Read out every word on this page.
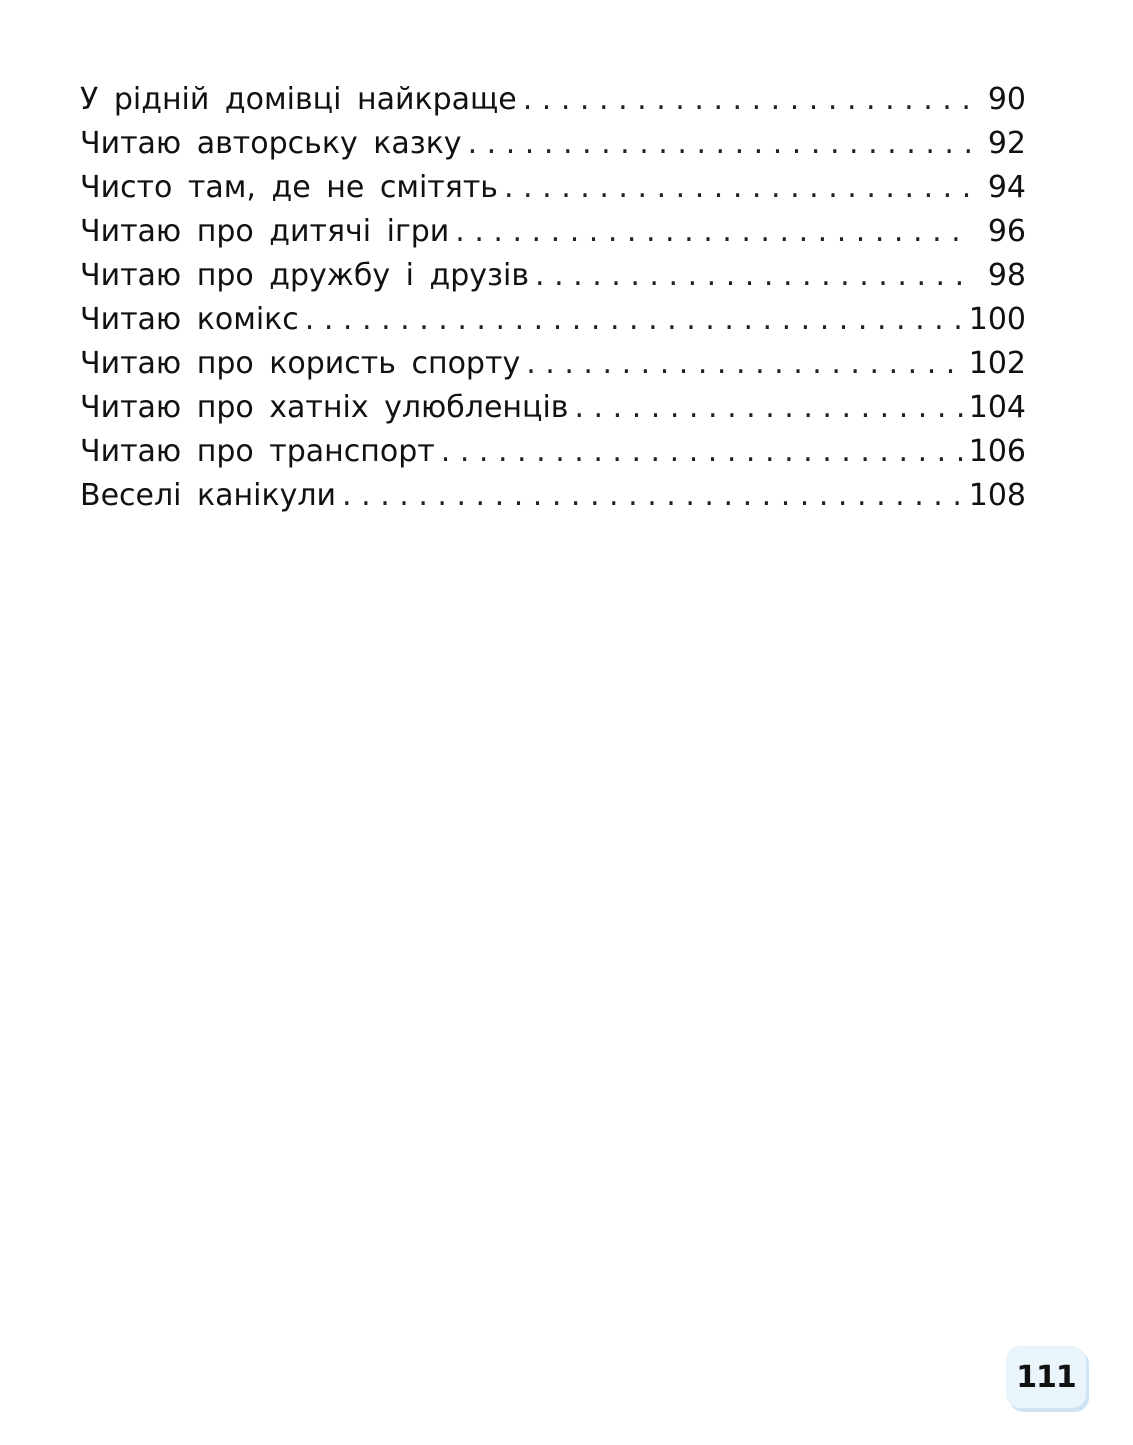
У рідній домівці найкраще . . .	90
Читаю авторську казку . . .	92
Чисто там, де не смітять . . .	94
Читаю про дитячі ігри . . .	96
Читаю про дружбу і друзів . . .	98
Читаю комікс . . .	100
Читаю про користь спорту . . .	102
Читаю про хатніх улюбленців . . .	104
Читаю про транспорт . . .	106
Веселі канікули . . .	108
111
